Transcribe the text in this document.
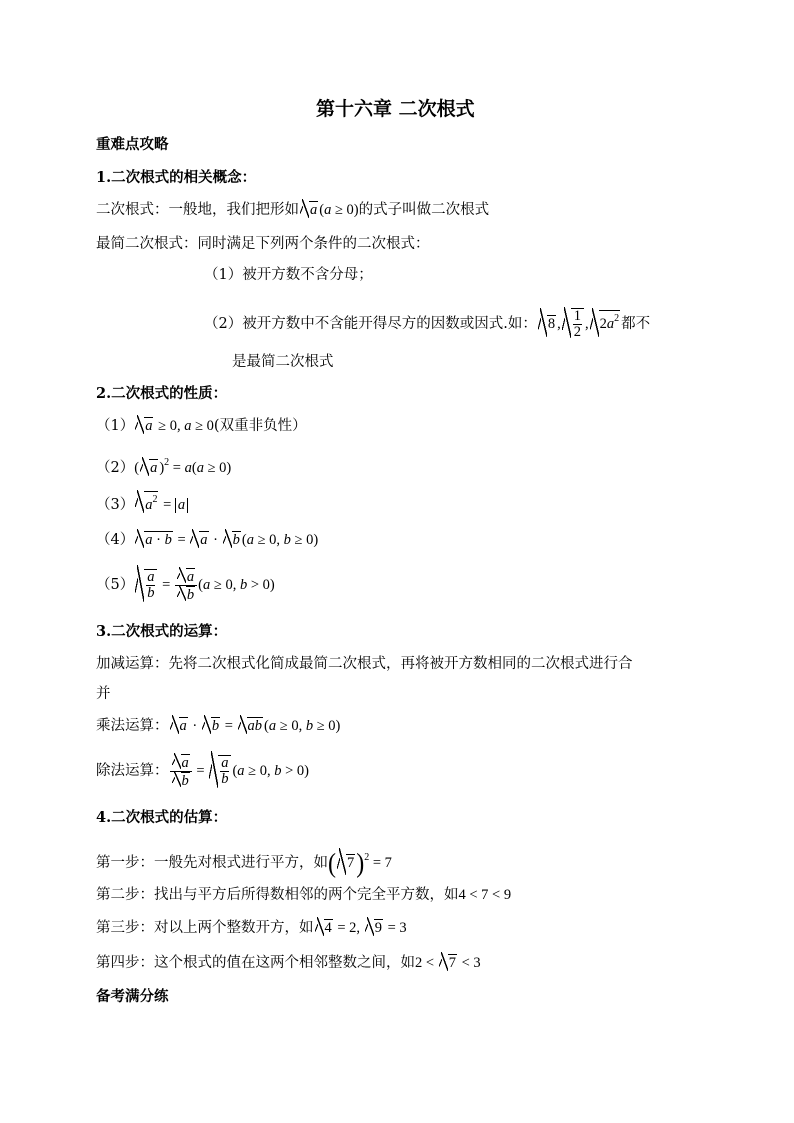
第十六章 二次根式
重难点攻略
1.二次根式的相关概念：
二次根式：一般地，我们把形如 a (a ≥ 0)的式子叫做二次根式
最简二次根式：同时满足下列两个条件的二次根式：
（1）被开方数不含分母；
（2）被开方数中不含能开得尽方的因数或因式.如： 8 , $\frac{1}{2}$ , $2a^2$ 都不
是最简二次根式
2.二次根式的性质：
（1） a ≥ 0, a ≥ 0(双重非负性）
（2）( a )$^2$ = a(a ≥ 0)
（3） $a^2 = a$
（4） a · b = a · b (a ≥ 0, b ≥ 0)
$(5) \frac{a}{b} = \frac{a}{b} (a \ge 0$, b > 0)
3.二次根式的运算：
加减运算：先将二次根式化简成最简二次根式，再将被开方数相同的二次根式进行合
并
乘法运算： a · b = ab (a ≥ 0, b ≥ 0)
除法运算： $\frac{a}{b} = \frac{a}{b} (a \ge 0$, b > 0)
4.二次根式的估算：
第一步：一般先对根式进行平方，如( 7)$^2$ = 7
第二步：找出与平方后所得数相邻的两个完全平方数，如4 < 7 < 9
第三步：对以上两个整数开方，如 4 = 2, 9 = 3
第四步：这个根式的值在这两个相邻整数之间，如2 < 7 < 3
备考满分练
